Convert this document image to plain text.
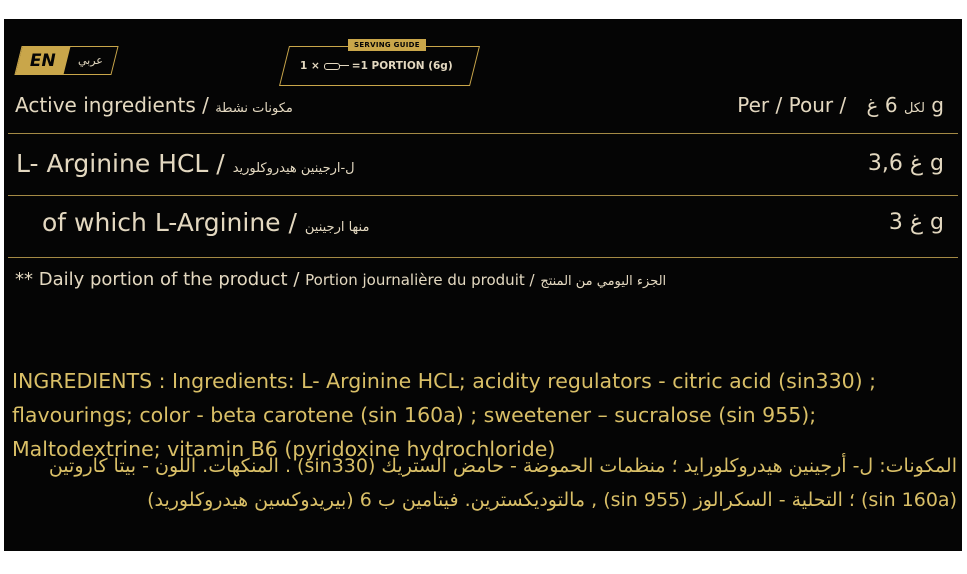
EN عربي
SERVING GUIDE
1 ×	=1 PORTION (6g)
Active ingredients / مكونات نشطة	Per / Pour /	لكل 6 غ g
L- Arginine HCL / ل-ارجينين هيدروكلوريد	3,6 غ g
of which L-Arginine / منها ارجينين	3 غ g
** Daily portion of the product / Portion journalière du produit / الجزء اليومي من المنتج
INGREDIENTS : Ingredients: L- Arginine HCL; acidity regulators - citric acid (sin330) ; flavourings; color - beta carotene (sin 160a) ; sweetener – sucralose (sin 955); Maltodextrine; vitamin B6 (pyridoxine hydrochloride)
المكونات: ل- أرجينين هيدروكلورايد ؛ منظمات الحموضة - حامض الستريك (sin330) . المنكهات. اللون - بيتا كاروتين (sin 160a) ؛ التحلية - السكرالوز (sin 955) , مالتوديكسترين. فيتامين ب 6 (بيريدوكسين هيدروكلوريد)
